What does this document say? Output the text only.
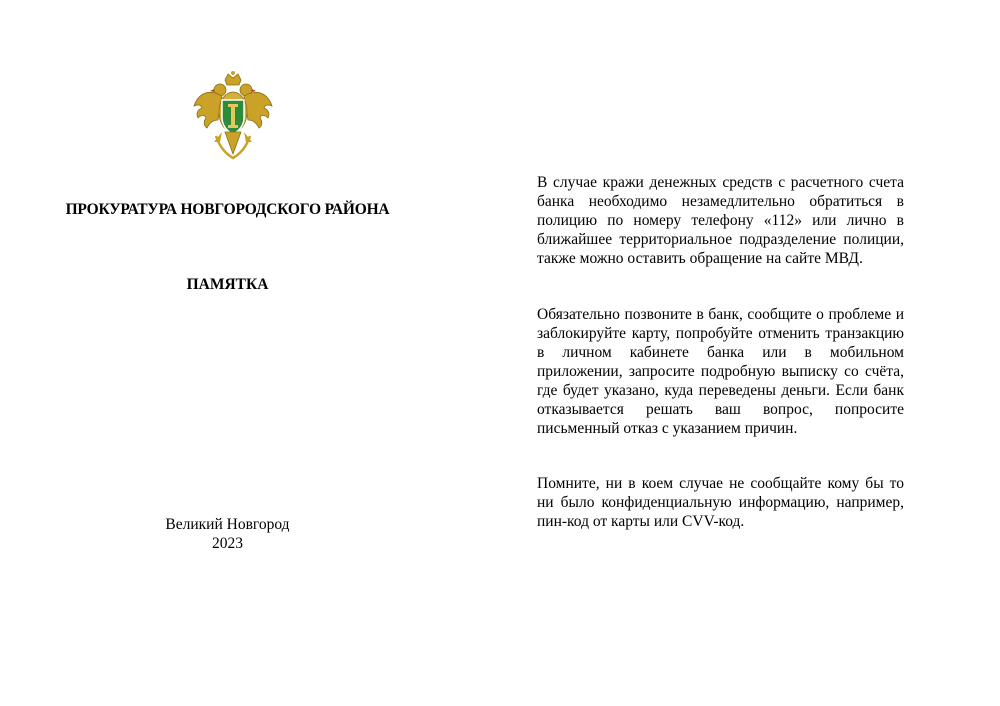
ПРОКУРАТУРА НОВГОРОДСКОГО РАЙОНА
ПАМЯТКА
Великий Новгород
2023
В случае кражи денежных средств с расчетного счета банка необходимо незамедлительно обратиться в полицию по номеру телефону «112» или лично в ближайшее территориальное подразделение полиции, также можно оставить обращение на сайте МВД.
Обязательно позвоните в банк, сообщите о проблеме и заблокируйте карту, попробуйте отменить транзакцию в личном кабинете банка или в мобильном приложении, запросите подробную выписку со счёта, где будет указано, куда переведены деньги. Если банк отказывается решать ваш вопрос, попросите письменный отказ с указанием причин.
Помните, ни в коем случае не сообщайте кому бы то ни было конфиденциальную информацию, например, пин-код от карты или CVV-код.
